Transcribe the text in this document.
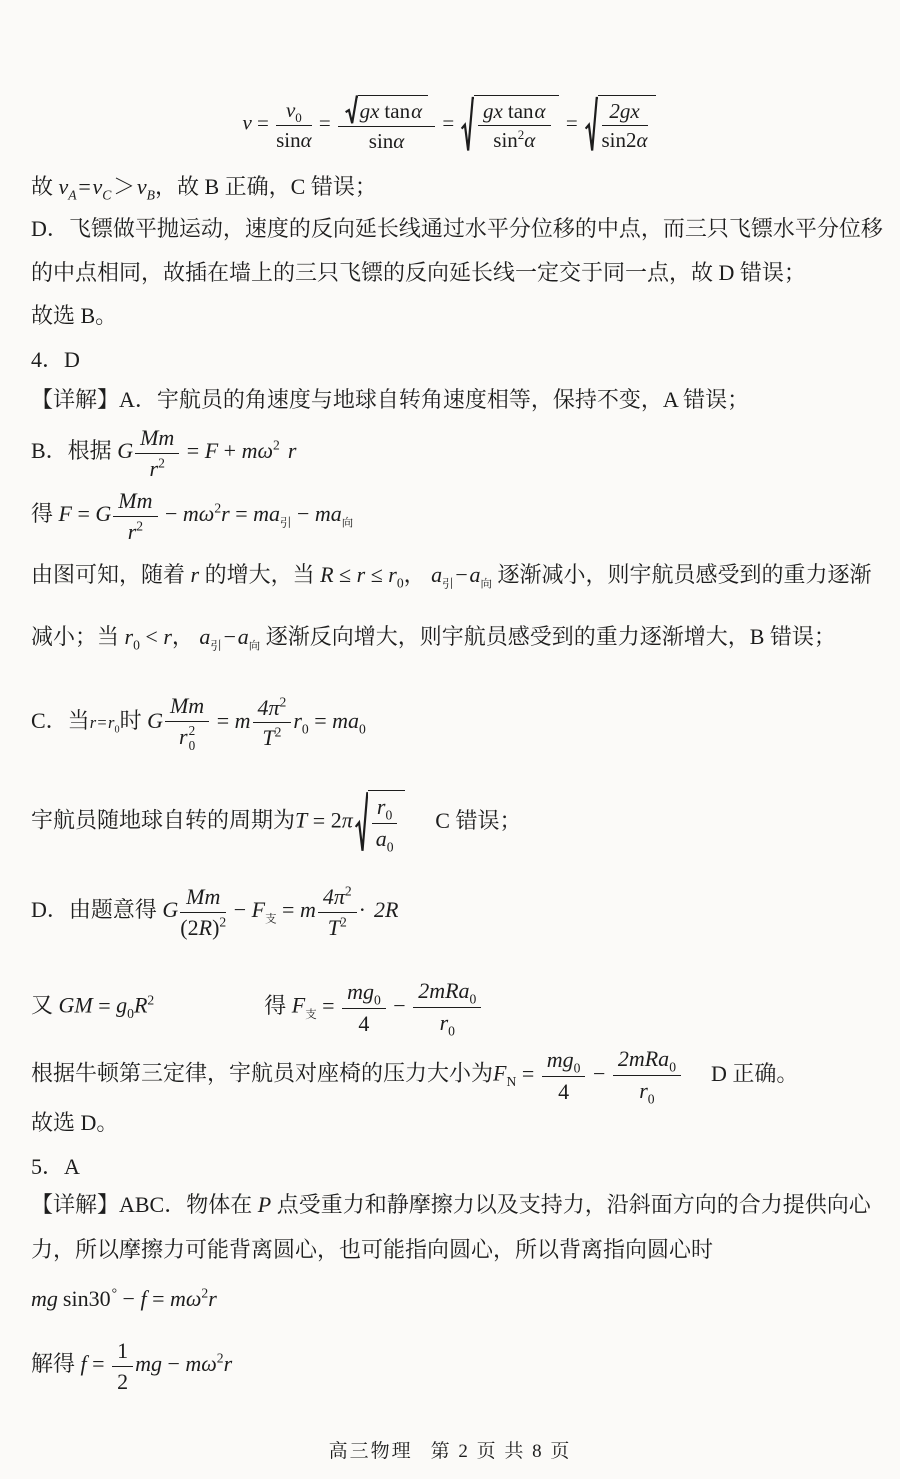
$v = \frac{v_0}{\sin\alpha} = \frac{\text{gx tanα}}{\sin\alpha} = \frac{\text{gx tanα}}{\sin^2\alpha} = \frac{2gx}{\sin 2\alpha}$
故 $v_A=v_C>v_B$，故 B 正确，C 错误；
D．飞镖做平抛运动，速度的反向延长线通过水平分位移的中点，而三只飞镖水平分位移
的中点相同，故插在墙上的三只飞镖的反向延长线一定交于同一点，故 D 错误；
故选 B。
4．D
【详解】A．宇航员的角速度与地球自转角速度相等，保持不变，A 错误；
B．根据 G $\frac{Mm}{r^2} = F + m\omega^2$ r
得 F = G $\frac{Mm}{r^2} - m\omega^2r = ma_引 - ma_向$
由图可知，随着 r 的增大，当 $R \le r \le r_0$， $a_引-a_向$ 逐渐减小，则宇航员感受到的重力逐渐
减小；当 $r_0 < r$， $a_引-a_向$ 逐渐反向增大，则宇航员感受到的重力逐渐增大，B 错误；
C．当$r=r_0$时 G Mm
r 2
0 = m $\frac{4\pi^2}{T^2} r_0 = ma_0$
宇航员随地球自转的周期为$T = 2\pi \frac{r_0}{a_0}$ C 错误；
D．由题意得 G $\frac{Mm}{(2R)^2} - F_支 = m \frac{4\pi^2}{T^2} \cdot 2R$
又 GM = $g_0R^2$	得 $F_支 = \frac{mg_0}{4} - \frac{2mRa_0}{r_0}$
根据牛顿第三定律，宇航员对座椅的压力大小为$F_N = \frac{mg_0}{4} - \frac{2mRa_0}{r_0}$ D 正确。
故选 D。
5．A
【详解】ABC．物体在 P 点受重力和静摩擦力以及支持力，沿斜面方向的合力提供向心
力，所以摩擦力可能背离圆心，也可能指向圆心，所以背离指向圆心时
mg $\sin 30^\circ - f = m\omega^2r$
解得 $f = \frac{1}{2}$ mg − $m\omega^2r$
高三物理 第 2 页 共 8 页
